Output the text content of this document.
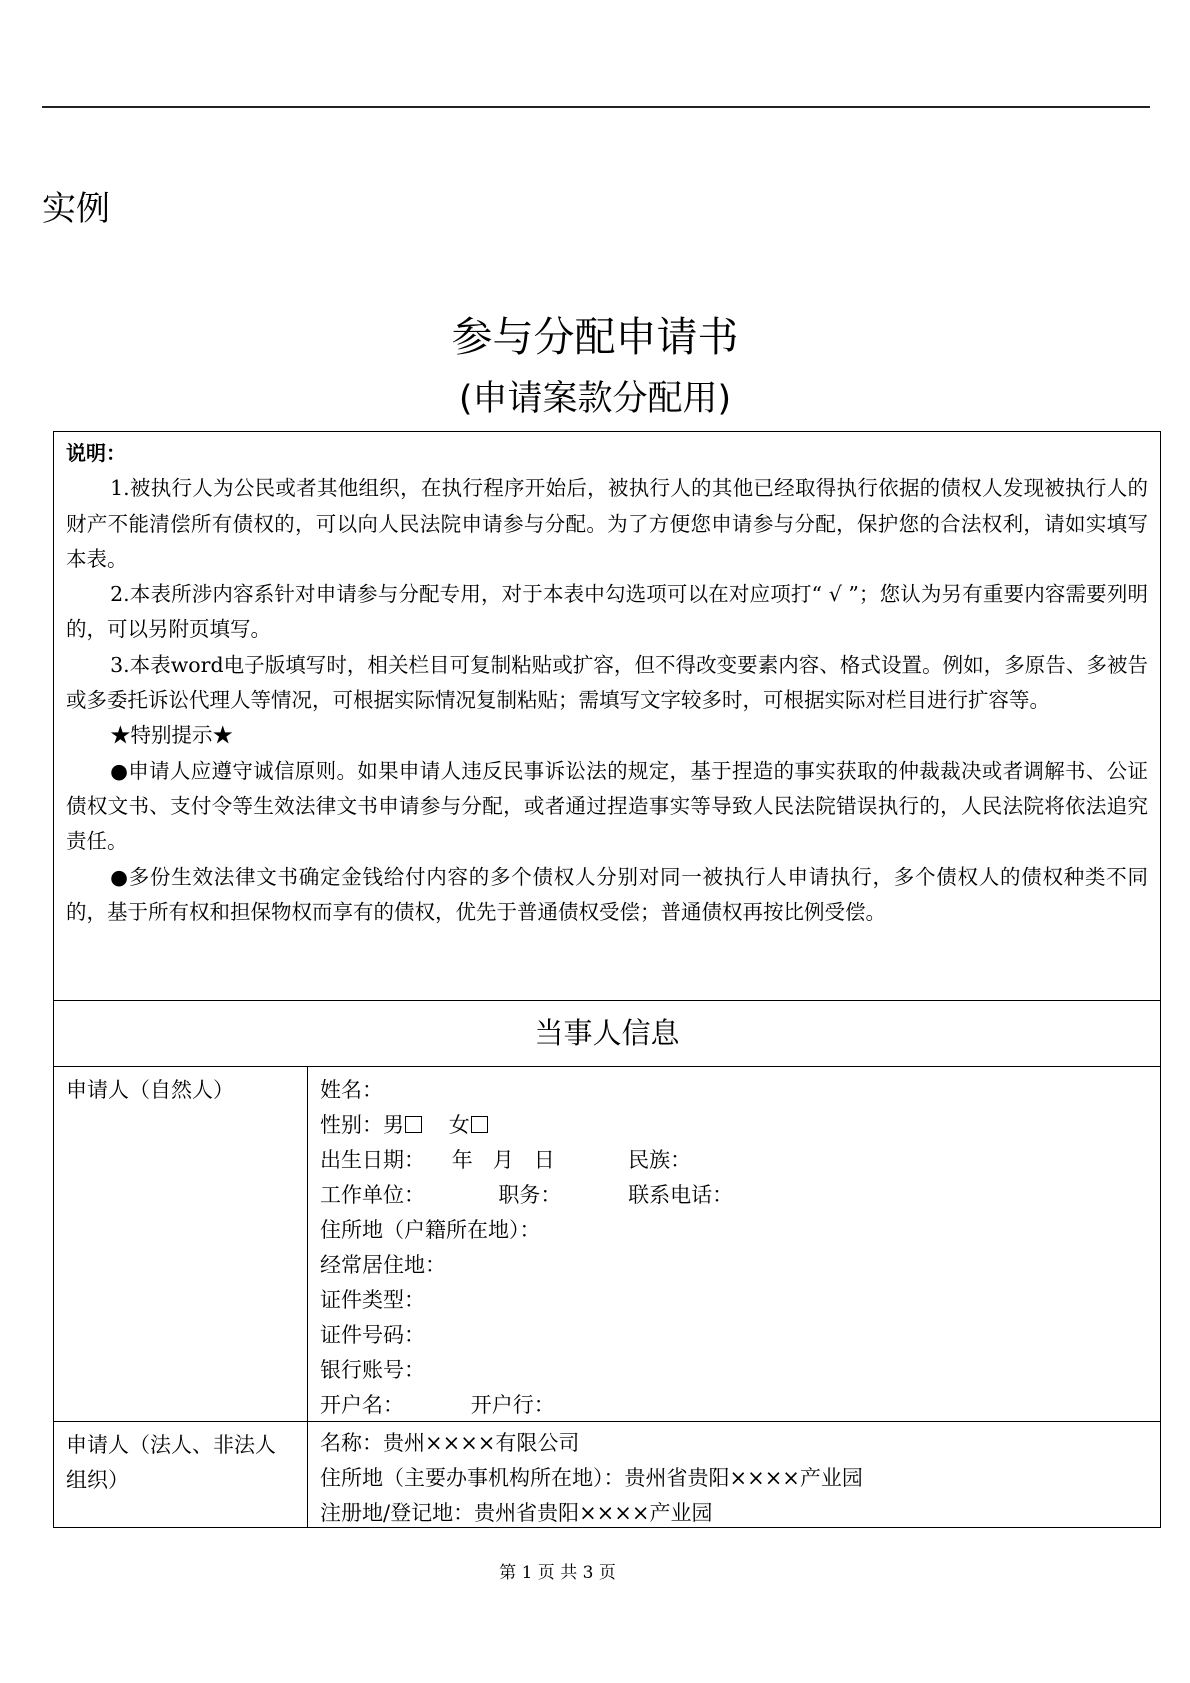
实例
参与分配申请书
(申请案款分配用)
说明：

1.被执行人为公民或者其他组织，在执行程序开始后，被执行人的其他已经取得执行依据的债权人发现被执行人的财产不能清偿所有债权的，可以向人民法院申请参与分配。为了方便您申请参与分配，保护您的合法权利，请如实填写本表。

2.本表所涉内容系针对申请参与分配专用，对于本表中勾选项可以在对应项打“ √ ”；您认为另有重要内容需要列明的，可以另附页填写。

3.本表word电子版填写时，相关栏目可复制粘贴或扩容，但不得改变要素内容、格式设置。例如，多原告、多被告或多委托诉讼代理人等情况，可根据实际情况复制粘贴；需填写文字较多时，可根据实际对栏目进行扩容等。

★特别提示★

●申请人应遵守诚信原则。如果申请人违反民事诉讼法的规定，基于捏造的事实获取的仲裁裁决或者调解书、公证债权文书、支付令等生效法律文书申请参与分配，或者通过捏造事实等导致人民法院错误执行的，人民法院将依法追究责任。

●多份生效法律文书确定金钱给付内容的多个债权人分别对同一被执行人申请执行，多个债权人的债权种类不同的，基于所有权和担保物权而享有的债权，优先于普通债权受偿；普通债权再按比例受偿。

当事人信息
申请人（自然人）	姓名：
性别：男 女
出生日期：    年   月   日           民族：
工作单位：           职务：          联系电话：
住所地（户籍所在地）：
经常居住地：
证件类型：
证件号码：
银行账号：
开户名：          开户行：
申请人（法人、非法人组织）
名称：贵州××××有限公司
住所地（主要办事机构所在地）：贵州省贵阳××××产业园
注册地/登记地：贵州省贵阳××××产业园
第 1 页 共 3 页
